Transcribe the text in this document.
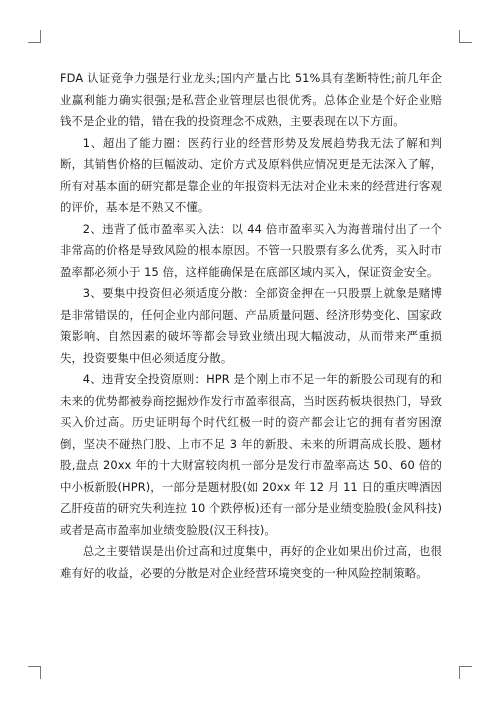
FDA 认证竞争力强是行业龙头;国内产量占比 51%具有垄断特性;前几年企业赢利能力确实很强;是私营企业管理层也很优秀。总体企业是个好企业赔钱不是企业的错，错在我的投资理念不成熟，主要表现在以下方面。

1、超出了能力圈：医药行业的经营形势及发展趋势我无法了解和判断，其销售价格的巨幅波动、定价方式及原料供应情况更是无法深入了解，所有对基本面的研究都是靠企业的年报资料无法对企业未来的经营进行客观的评价，基本是不熟又不懂。

2、违背了低市盈率买入法：以 44 倍市盈率买入为海普瑞付出了一个非常高的价格是导致风险的根本原因。不管一只股票有多么优秀，买入时市盈率都必须小于 15 倍，这样能确保是在底部区域内买入，保证资金安全。

3、要集中投资但必须适度分散：全部资金押在一只股票上就象是赌博是非常错误的，任何企业内部问题、产品质量问题、经济形势变化、国家政策影响、自然因素的破坏等都会导致业绩出现大幅波动，从而带来严重损失，投资要集中但必须适度分散。

4、违背安全投资原则：HPR 是个刚上市不足一年的新股公司现有的和未来的优势都被券商挖掘炒作发行市盈率很高，当时医药板块很热门，导致买入价过高。历史证明每个时代红极一时的资产都会让它的拥有者穷困潦倒，坚决不碰热门股、上市不足 3 年的新股、未来的所谓高成长股、题材股,盘点 20xx 年的十大财富较肉机一部分是发行市盈率高达 50、60 倍的中小板新股(HPR)，一部分是题材股(如 20xx 年 12 月 11 日的重庆啤酒因乙肝疫苗的研究失利连拉 10 个跌停板)还有一部分是业绩变脸股(金风科技)或者是高市盈率加业绩变脸股(汉王科技)。

总之主要错误是出价过高和过度集中，再好的企业如果出价过高，也很难有好的收益，必要的分散是对企业经营环境突变的一种风险控制策略。
